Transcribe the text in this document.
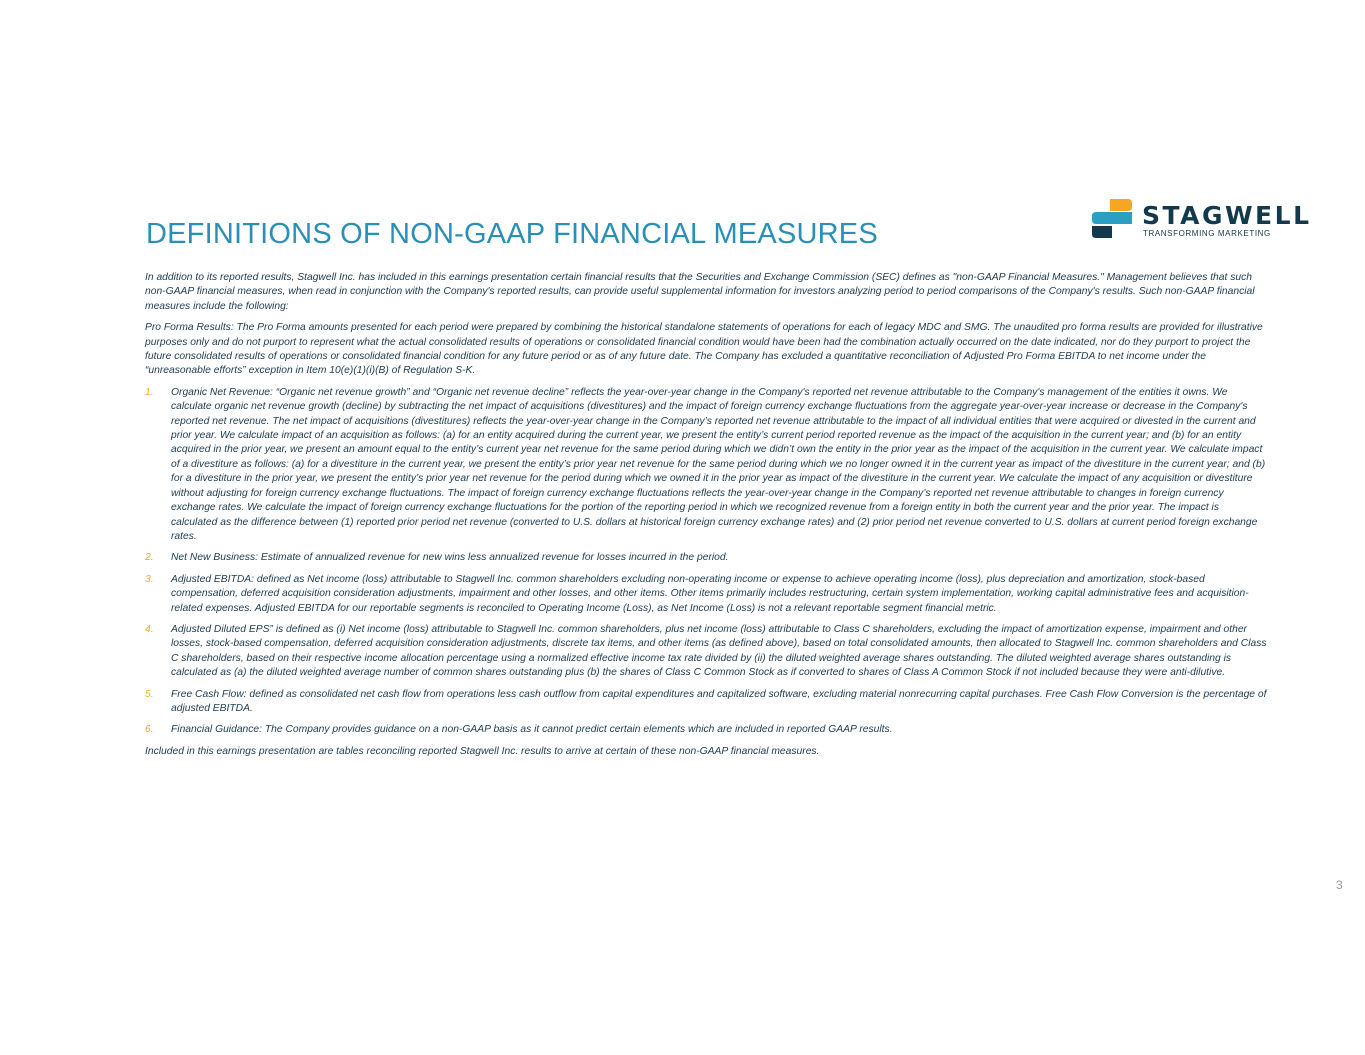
DEFINITIONS OF NON-GAAP FINANCIAL MEASURES
STAGWELL
TRANSFORMING MARKETING

In addition to its reported results, Stagwell Inc. has included in this earnings presentation certain financial results that the Securities and Exchange Commission (SEC) defines as "non-GAAP Financial Measures." Management believes that such non-GAAP financial measures, when read in conjunction with the Company's reported results, can provide useful supplemental information for investors analyzing period to period comparisons of the Company's results. Such non-GAAP financial measures include the following:

Pro Forma Results: The Pro Forma amounts presented for each period were prepared by combining the historical standalone statements of operations for each of legacy MDC and SMG. The unaudited pro forma results are provided for illustrative purposes only and do not purport to represent what the actual consolidated results of operations or consolidated financial condition would have been had the combination actually occurred on the date indicated, nor do they purport to project the future consolidated results of operations or consolidated financial condition for any future period or as of any future date. The Company has excluded a quantitative reconciliation of Adjusted Pro Forma EBITDA to net income under the “unreasonable efforts” exception in Item 10(e)(1)(i)(B) of Regulation S-K.

1. Organic Net Revenue: “Organic net revenue growth” and “Organic net revenue decline” reflects the year-over-year change in the Company's reported net revenue attributable to the Company's management of the entities it owns. We calculate organic net revenue growth (decline) by subtracting the net impact of acquisitions (divestitures) and the impact of foreign currency exchange fluctuations from the aggregate year-over-year increase or decrease in the Company's reported net revenue. The net impact of acquisitions (divestitures) reflects the year-over-year change in the Company’s reported net revenue attributable to the impact of all individual entities that were acquired or divested in the current and prior year. We calculate impact of an acquisition as follows: (a) for an entity acquired during the current year, we present the entity’s current period reported revenue as the impact of the acquisition in the current year; and (b) for an entity acquired in the prior year, we present an amount equal to the entity’s current year net revenue for the same period during which we didn’t own the entity in the prior year as the impact of the acquisition in the current year. We calculate impact of a divestiture as follows: (a) for a divestiture in the current year, we present the entity’s prior year net revenue for the same period during which we no longer owned it in the current year as impact of the divestiture in the current year; and (b) for a divestiture in the prior year, we present the entity’s prior year net revenue for the period during which we owned it in the prior year as impact of the divestiture in the current year. We calculate the impact of any acquisition or divestiture without adjusting for foreign currency exchange fluctuations. The impact of foreign currency exchange fluctuations reflects the year-over-year change in the Company’s reported net revenue attributable to changes in foreign currency exchange rates. We calculate the impact of foreign currency exchange fluctuations for the portion of the reporting period in which we recognized revenue from a foreign entity in both the current year and the prior year. The impact is calculated as the difference between (1) reported prior period net revenue (converted to U.S. dollars at historical foreign currency exchange rates) and (2) prior period net revenue converted to U.S. dollars at current period foreign exchange rates.
2. Net New Business: Estimate of annualized revenue for new wins less annualized revenue for losses incurred in the period.
3. Adjusted EBITDA: defined as Net income (loss) attributable to Stagwell Inc. common shareholders excluding non-operating income or expense to achieve operating income (loss), plus depreciation and amortization, stock-based compensation, deferred acquisition consideration adjustments, impairment and other losses, and other items. Other items primarily includes restructuring, certain system implementation, working capital administrative fees and acquisition-related expenses. Adjusted EBITDA for our reportable segments is reconciled to Operating Income (Loss), as Net Income (Loss) is not a relevant reportable segment financial metric.
4. Adjusted Diluted EPS” is defined as (i) Net income (loss) attributable to Stagwell Inc. common shareholders, plus net income (loss) attributable to Class C shareholders, excluding the impact of amortization expense, impairment and other losses, stock-based compensation, deferred acquisition consideration adjustments, discrete tax items, and other items (as defined above), based on total consolidated amounts, then allocated to Stagwell Inc. common shareholders and Class C shareholders, based on their respective income allocation percentage using a normalized effective income tax rate divided by (ii) the diluted weighted average shares outstanding. The diluted weighted average shares outstanding is calculated as (a) the diluted weighted average number of common shares outstanding plus (b) the shares of Class C Common Stock as if converted to shares of Class A Common Stock if not included because they were anti-dilutive.
5. Free Cash Flow: defined as consolidated net cash flow from operations less cash outflow from capital expenditures and capitalized software, excluding material nonrecurring capital purchases. Free Cash Flow Conversion is the percentage of adjusted EBITDA.
6. Financial Guidance: The Company provides guidance on a non-GAAP basis as it cannot predict certain elements which are included in reported GAAP results.

Included in this earnings presentation are tables reconciling reported Stagwell Inc. results to arrive at certain of these non-GAAP financial measures.

3
